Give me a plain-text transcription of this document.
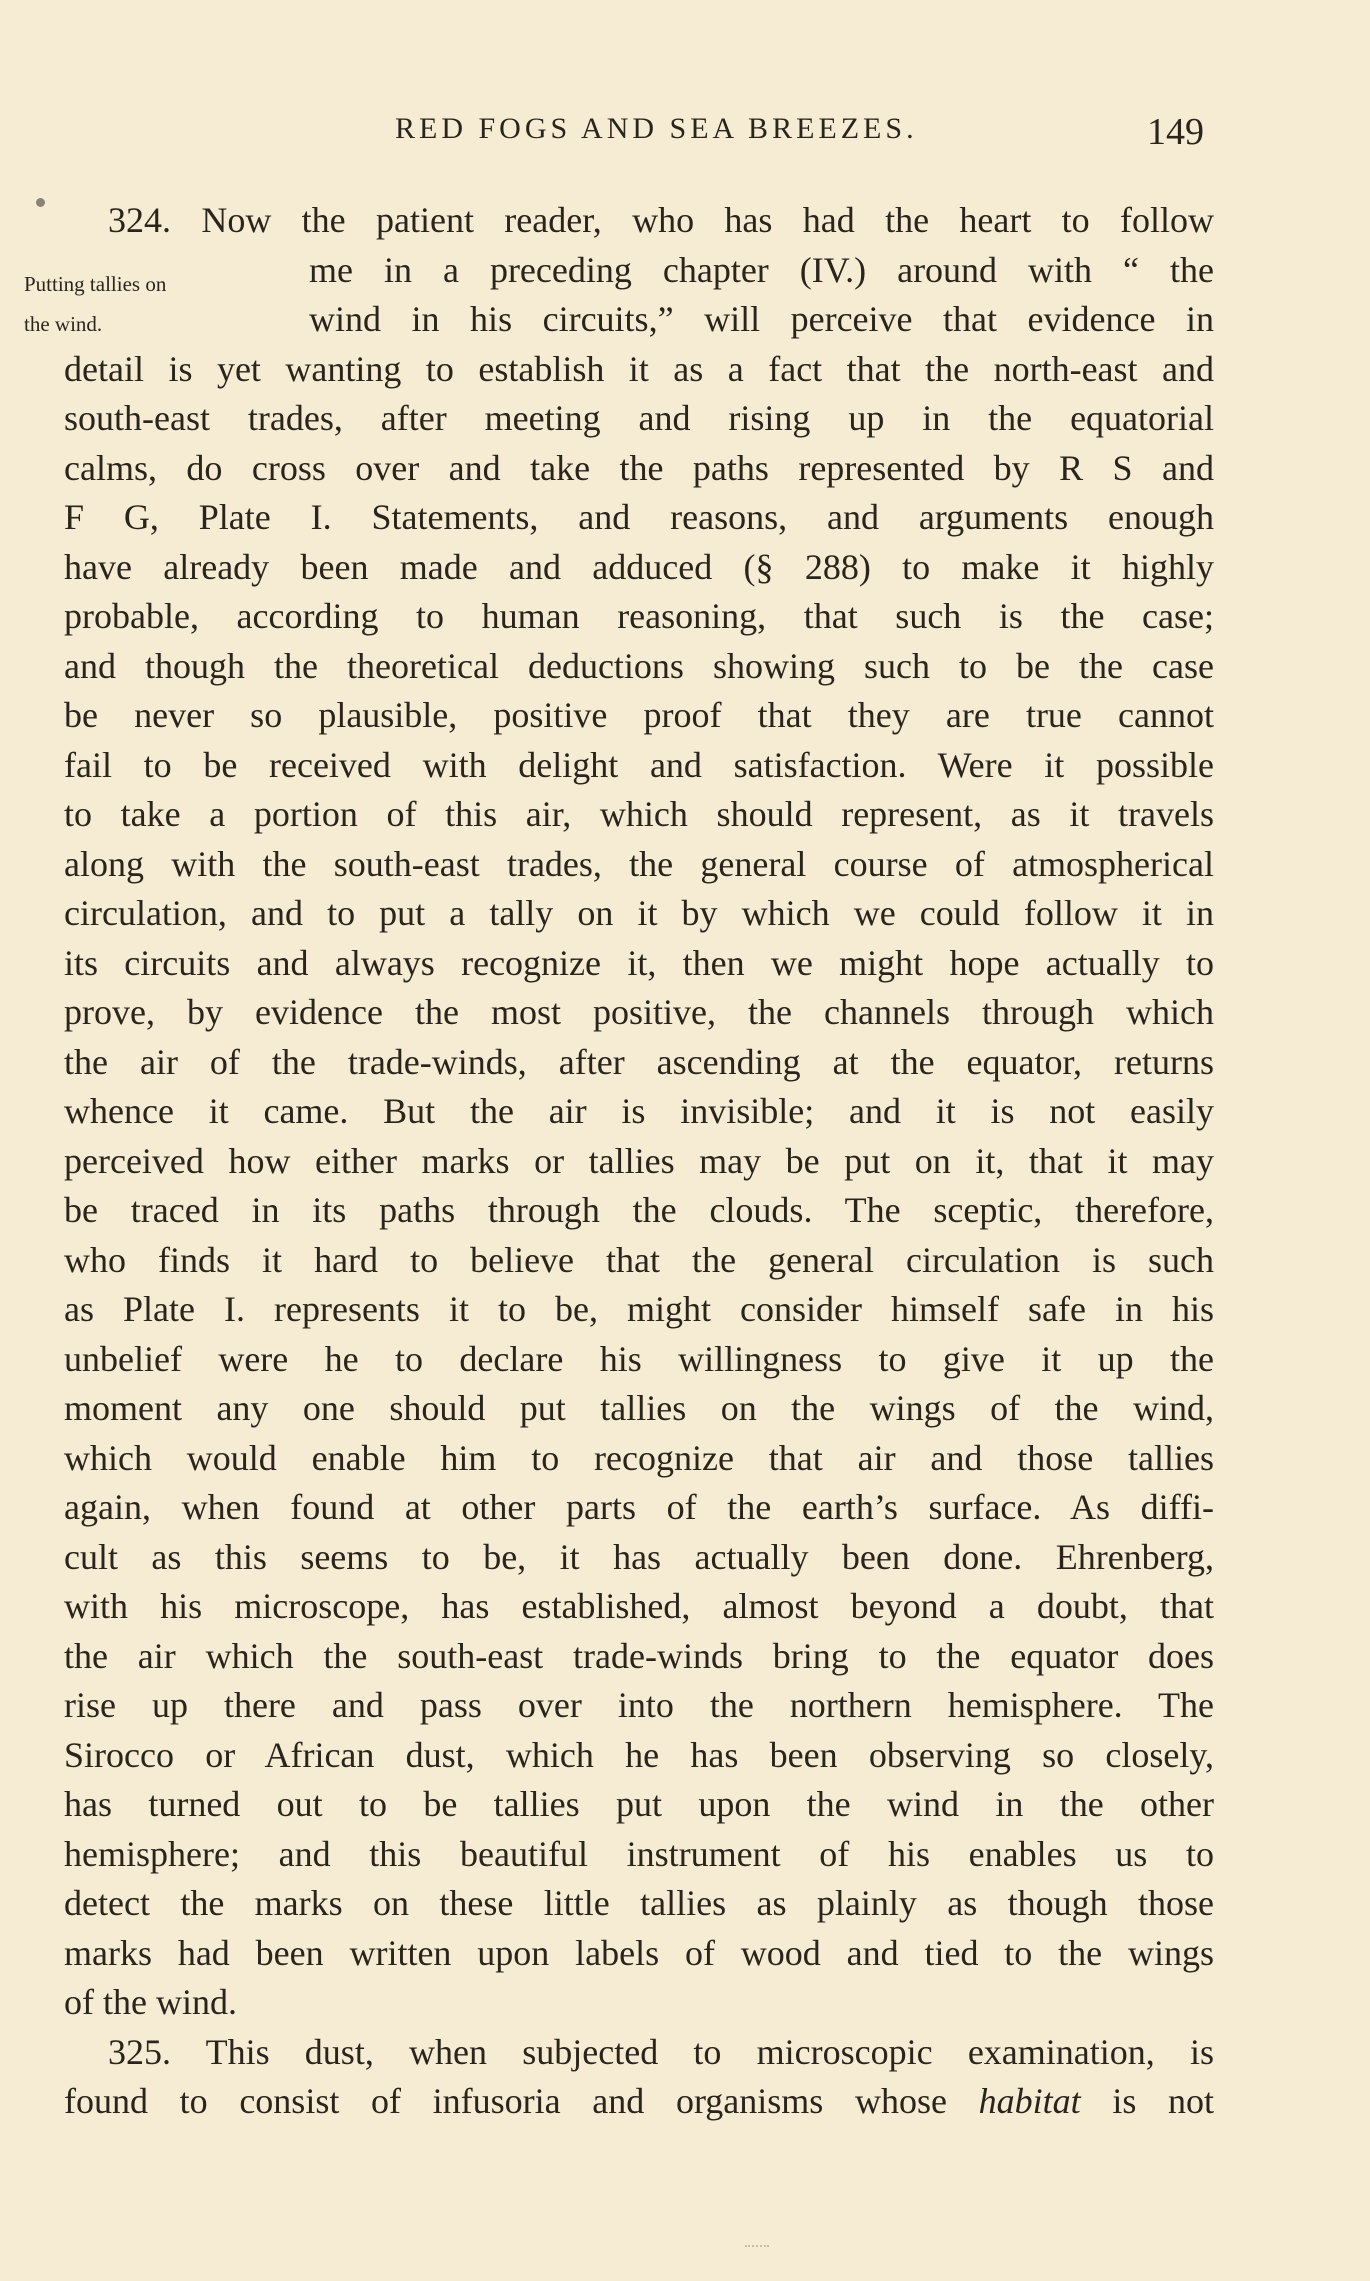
RED FOGS AND SEA BREEZES.	149
Putting tallies on
the wind.
324. Now the patient reader, who has had the heart to follow
me in a preceding chapter (IV.) around with “ the
wind in his circuits,” will perceive that evidence in
detail is yet wanting to establish it as a fact that the north-east and
south-east trades, after meeting and rising up in the equatorial
calms, do cross over and take the paths represented by R S and
F G, Plate I. Statements, and reasons, and arguments enough
have already been made and adduced (§ 288) to make it highly
probable, according to human reasoning, that such is the case;
and though the theoretical deductions showing such to be the case
be never so plausible, positive proof that they are true cannot
fail to be received with delight and satisfaction. Were it possible
to take a portion of this air, which should represent, as it travels
along with the south-east trades, the general course of atmospherical
circulation, and to put a tally on it by which we could follow it in
its circuits and always recognize it, then we might hope actually to
prove, by evidence the most positive, the channels through which
the air of the trade-winds, after ascending at the equator, returns
whence it came. But the air is invisible; and it is not easily
perceived how either marks or tallies may be put on it, that it may
be traced in its paths through the clouds. The sceptic, therefore,
who finds it hard to believe that the general circulation is such
as Plate I. represents it to be, might consider himself safe in his
unbelief were he to declare his willingness to give it up the
moment any one should put tallies on the wings of the wind,
which would enable him to recognize that air and those tallies
again, when found at other parts of the earth’s surface. As diffi-
cult as this seems to be, it has actually been done. Ehrenberg,
with his microscope, has established, almost beyond a doubt, that
the air which the south-east trade-winds bring to the equator does
rise up there and pass over into the northern hemisphere. The
Sirocco or African dust, which he has been observing so closely,
has turned out to be tallies put upon the wind in the other
hemisphere; and this beautiful instrument of his enables us to
detect the marks on these little tallies as plainly as though those
marks had been written upon labels of wood and tied to the wings
of the wind.
325. This dust, when subjected to microscopic examination, is
found to consist of infusoria and organisms whose habitat is not
